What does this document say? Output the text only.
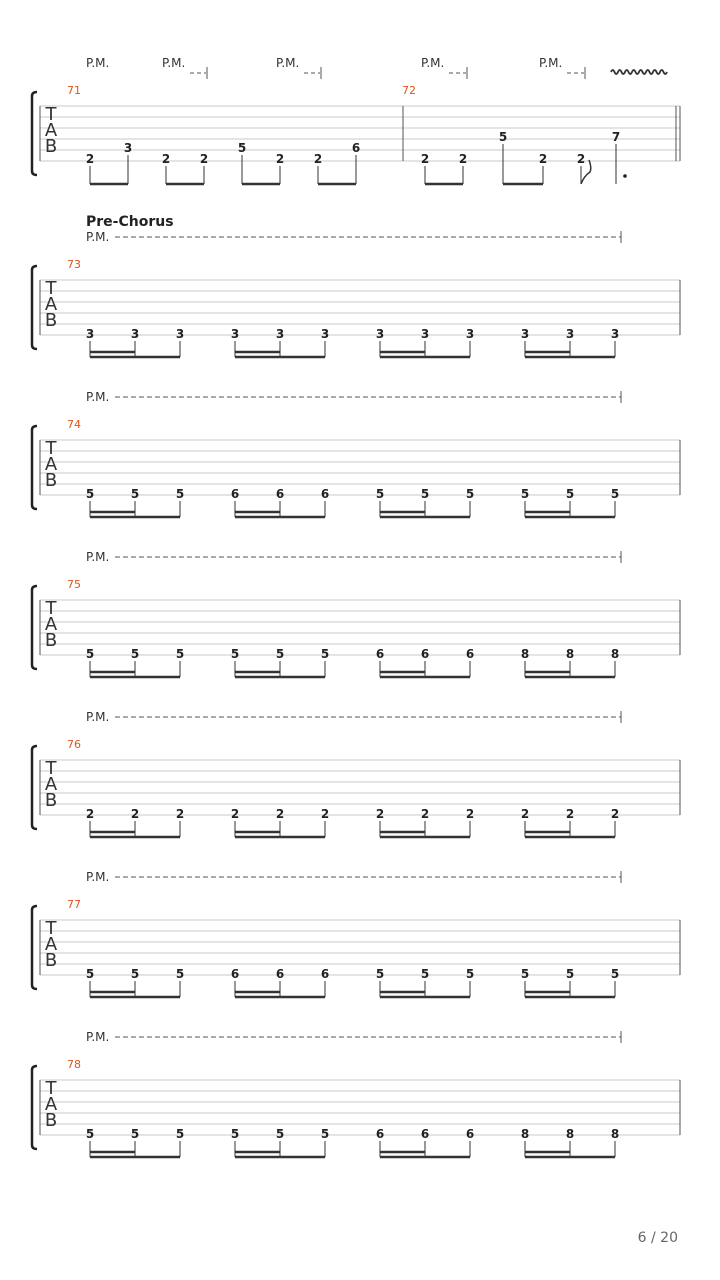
T
A
B
P.M.	P.M.	P.M.	P.M.	P.M.
71	72
2
3
2 2
5
2 2
6
2 2
5
2 2
7
T
A
B
Pre-Chorus
P.M.
73
3	3	3	3	3	3	3	3	3	3	3	3
T
A
B
P.M.
74
5	5	5	6	6	6	5	5	5	5	5	5
T
A
B
P.M.
75
5	5	5	5	5	5	6	6	6	8	8	8
T
A
B
P.M.
76
2	2	2	2	2	2	2	2	2	2	2	2
T
A
B
P.M.
77
5	5	5	6	6	6	5	5	5	5	5	5
T
A
B
P.M.
78
5	5	5	5	5	5	6	6	6	8	8	8
6 / 20
